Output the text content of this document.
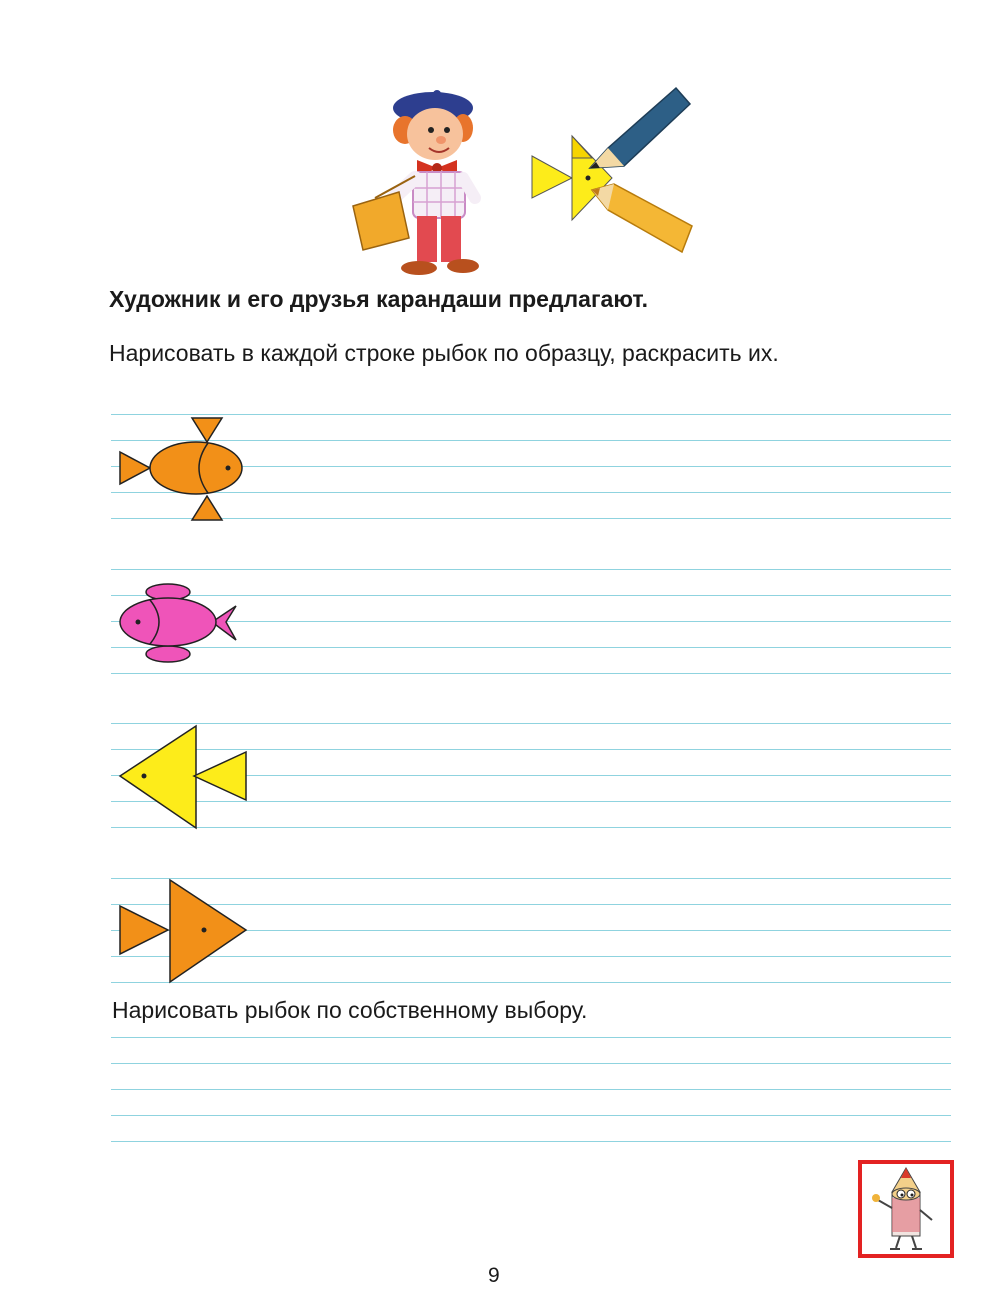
Художник и его друзья карандаши предлагают.
Нарисовать в каждой строке рыбок по образцу, раскрасить их.
Нарисовать рыбок по собственному выбору.
9
